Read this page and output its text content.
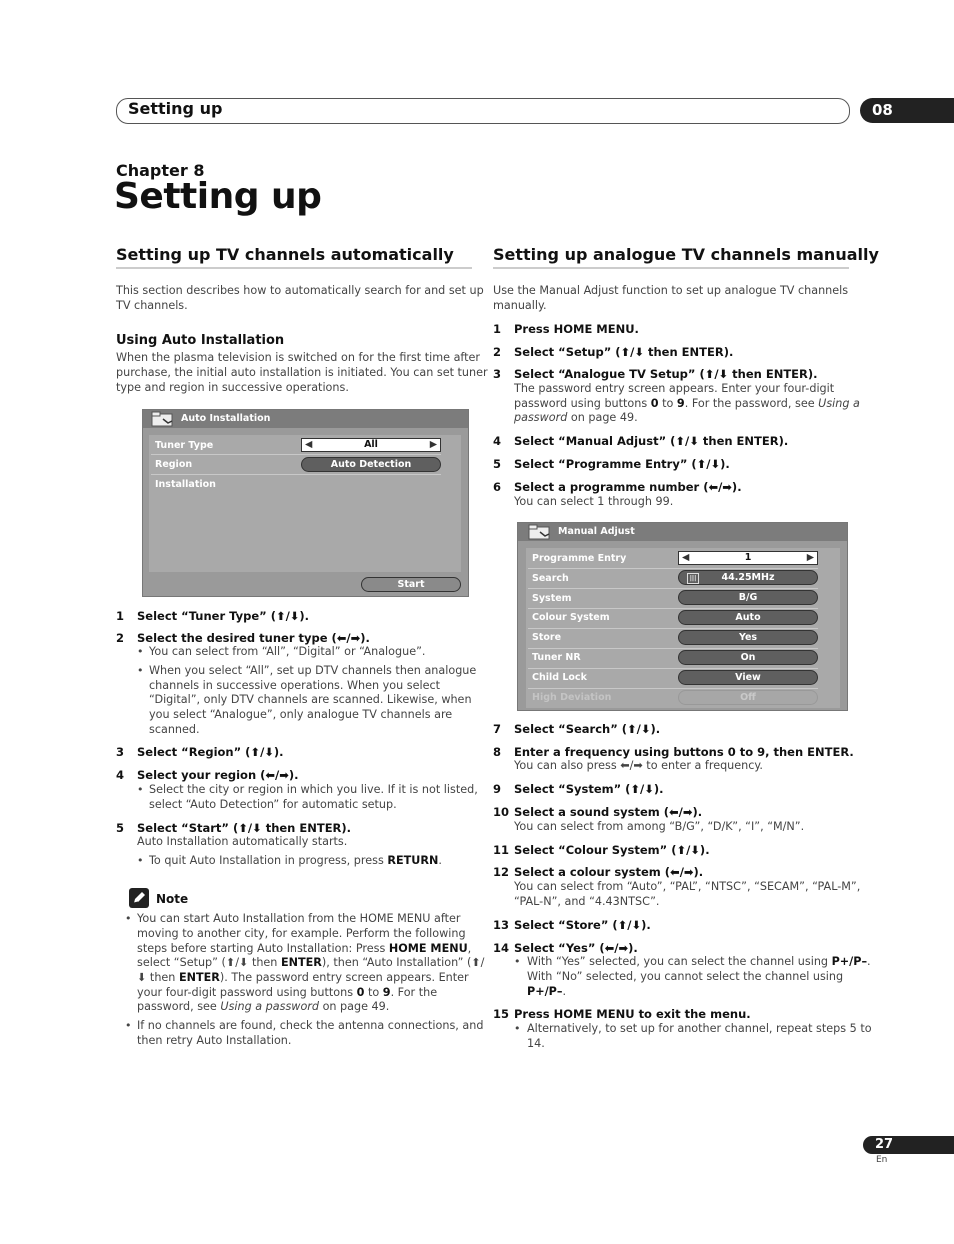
Setting up	08
Chapter 8
Setting up
Setting up TV channels automatically
This section describes how to automatically search for and set up
TV channels.
Using Auto Installation
When the plasma television is switched on for the first time after
purchase, the initial auto installation is initiated. You can set tuner
type and region in successive operations.
Auto Installation
Tuner Type	◀	All	▶
Region	Auto Detection
Installation
Start
1 Select “Tuner Type” (⬆/⬇).
2 Select the desired tuner type (⬅/➡).
• You can select from “All”, “Digital” or “Analogue”.
• When you select “All”, set up DTV channels then analogue
channels in successive operations. When you select
“Digital”, only DTV channels are scanned. Likewise, when
you select “Analogue”, only analogue TV channels are
scanned.
3 Select “Region” (⬆/⬇).
4 Select your region (⬅/➡).
• Select the city or region in which you live. If it is not listed,
select “Auto Detection” for automatic setup.
5 Select “Start” (⬆/⬇ then ENTER).
Auto Installation automatically starts.
• To quit Auto Installation in progress, press RETURN.
Note
• You can start Auto Installation from the HOME MENU after
moving to another city, for example. Perform the following
steps before starting Auto Installation: Press HOME MENU,
select “Setup” (⬆/⬇ then ENTER), then “Auto Installation” (⬆/
⬇ then ENTER). The password entry screen appears. Enter
your four-digit password using buttons 0 to 9. For the
password, see Using a password on page 49.
• If no channels are found, check the antenna connections, and
then retry Auto Installation.
Setting up analogue TV channels manually
Use the Manual Adjust function to set up analogue TV channels
manually.
1 Press HOME MENU.
2 Select “Setup” (⬆/⬇ then ENTER).
3 Select “Analogue TV Setup” (⬆/⬇ then ENTER).
The password entry screen appears. Enter your four-digit
password using buttons 0 to 9. For the password, see Using a
password on page 49.
4 Select “Manual Adjust” (⬆/⬇ then ENTER).
5 Select “Programme Entry” (⬆/⬇).
6 Select a programme number (⬅/➡).
You can select 1 through 99.
Manual Adjust
Programme Entry	◀	1	▶
Search	|||	44.25MHz
System	B/G
Colour System	Auto
Store	Yes
Tuner NR	On
Child Lock	View
High Deviation	Off
7 Select “Search” (⬆/⬇).
8 Enter a frequency using buttons 0 to 9, then ENTER.
You can also press ⬅/➡ to enter a frequency.
9 Select “System” (⬆/⬇).
10 Select a sound system (⬅/➡).
You can select from among “B/G”, “D/K”, “I”, “M/N”.
11 Select “Colour System” (⬆/⬇).
12 Select a colour system (⬅/➡).
You can select from “Auto”, “PAL”, “NTSC”, “SECAM”, “PAL-M”,
“PAL-N”, and “4.43NTSC”.
13 Select “Store” (⬆/⬇).
14 Select “Yes” (⬅/➡).
• With “Yes” selected, you can select the channel using P+/P–.
With “No” selected, you cannot select the channel using
P+/P–.
15 Press HOME MENU to exit the menu.
• Alternatively, to set up for another channel, repeat steps 5 to
14.
27
En
